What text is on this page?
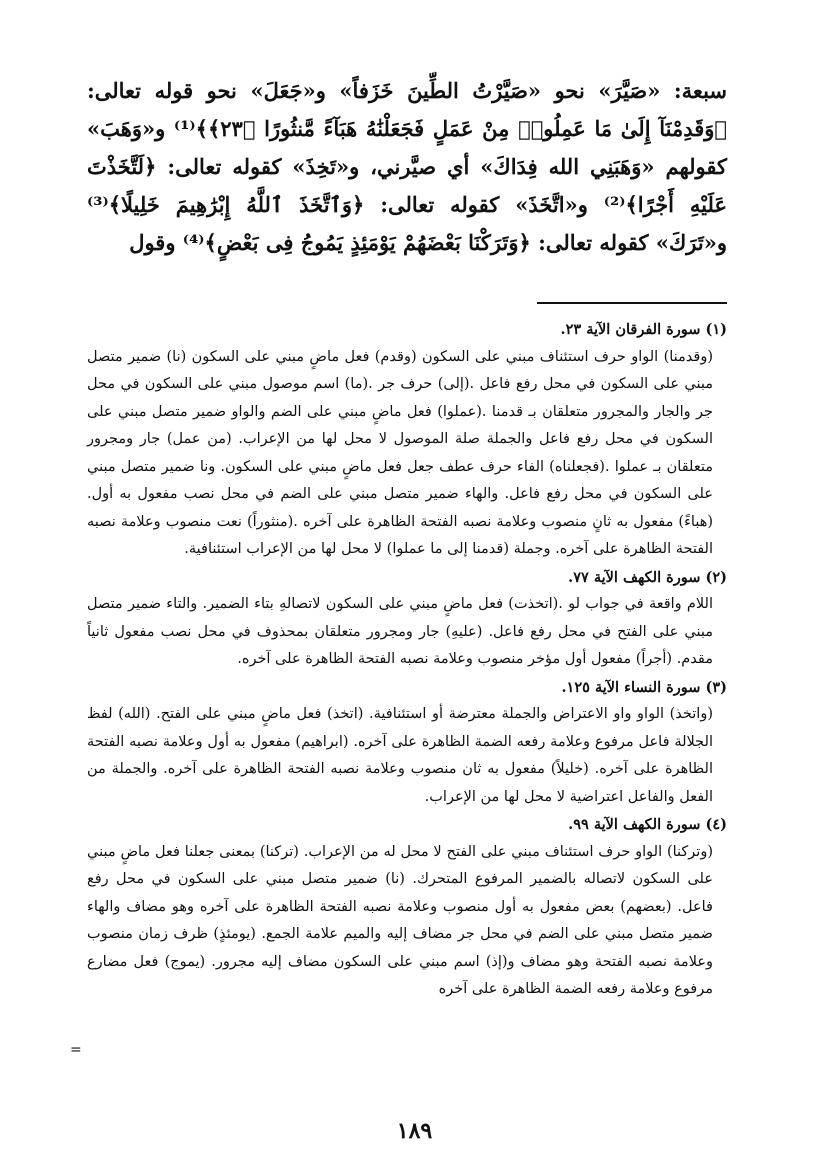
سبعة: «صَيَّرَ» نحو «صَيَّرْتُ الطِّينَ خَزَفاً» و«جَعَلَ» نحو قوله تعالى: ﴿وَقَدِمْنَآ إِلَىٰ مَا عَمِلُوا۟ مِنْ عَمَلٍ فَجَعَلْنَٰهُ هَبَآءً مَّنثُورًا ﴿٢٣﴾﴾⁽¹⁾ و«وَهَبَ» كقولهم «وَهَبَنِي الله فِدَاكَ» أي صيَّرني، و«تَخِذَ» كقوله تعالى: ﴿لَتَّخَذْتَ عَلَيْهِ أَجْرًا﴾⁽²⁾ و«اتَّخَذَ» كقوله تعالى: ﴿وَٱتَّخَذَ ٱللَّهُ إِبْرَٰهِيمَ خَلِيلًا﴾⁽³⁾ و«تَرَكَ» كقوله تعالى: ﴿وَتَرَكْنَا بَعْضَهُمْ يَوْمَئِذٍ يَمُوجُ فِى بَعْضٍ﴾⁽⁴⁾ وقول

(١) سورة الفرقان الآية ٢٣.

(وقدمنا) الواو حرف استئناف مبني على السكون (وقدم) فعل ماضٍ مبني على السكون (نا) ضمير متصل مبني على السكون في محل رفع فاعل .(إلى) حرف جر .(ما) اسم موصول مبني على السكون في محل جر والجار والمجرور متعلقان بـ قدمنا .(عملوا) فعل ماضٍ مبني على الضم والواو ضمير متصل مبني على السكون في محل رفع فاعل والجملة صلة الموصول لا محل لها من الإعراب. (من عمل) جار ومجرور متعلقان بـ عملوا .(فجعلناه) الفاء حرف عطف جعل فعل ماضٍ مبني على السكون. ونا ضمير متصل مبني على السكون في محل رفع فاعل. والهاء ضمير متصل مبني على الضم في محل نصب مفعول به أول. (هباءً) مفعول به ثانٍ منصوب وعلامة نصبه الفتحة الظاهرة على آخره .(منثوراً) نعت منصوب وعلامة نصبه الفتحة الظاهرة على آخره. وجملة (قدمنا إلى ما عملوا) لا محل لها من الإعراب استئنافية.

(٢) سورة الكهف الآية ٧٧.

اللام واقعة في جواب لو .(اتخذت) فعل ماضٍ مبني على السكون لاتصالهِ بتاء الضمير. والتاء ضمير متصل مبني على الفتح في محل رفع فاعل. (عليهِ) جار ومجرور متعلقان بمحذوف في محل نصب مفعول ثانياً مقدم. (أجراً) مفعول أول مؤخر منصوب وعلامة نصبه الفتحة الظاهرة على آخره.

(٣) سورة النساء الآية ١٢٥.

(واتخذ) الواو واو الاعتراض والجملة معترضة أو استئنافية. (اتخذ) فعل ماضٍ مبني على الفتح. (الله) لفظ الجلالة فاعل مرفوع وعلامة رفعه الضمة الظاهرة على آخره. (ابراهيم) مفعول به أول وعلامة نصبه الفتحة الظاهرة على آخره. (خليلاً) مفعول به ثان منصوب وعلامة نصبه الفتحة الظاهرة على آخره. والجملة من الفعل والفاعل اعتراضية لا محل لها من الإعراب.

(٤) سورة الكهف الآية ٩٩.

(وتركنا) الواو حرف استئناف مبني على الفتح لا محل له من الإعراب. (تركنا) بمعنى جعلنا فعل ماضٍ مبني على السكون لاتصاله بالضمير المرفوع المتحرك. (نا) ضمير متصل مبني على السكون في محل رفع فاعل. (بعضهم) بعض مفعول به أول منصوب وعلامة نصبه الفتحة الظاهرة على آخره وهو مضاف والهاء ضمير متصل مبني على الضم في محل جر مضاف إليه والميم علامة الجمع. (يومئذٍ) ظرف زمان منصوب وعلامة نصبه الفتحة وهو مضاف و(إذ) اسم مبني على السكون مضاف إليه مجرور. (يموج) فعل مضارع مرفوع وعلامة رفعه الضمة الظاهرة على آخره

=
١٨٩
